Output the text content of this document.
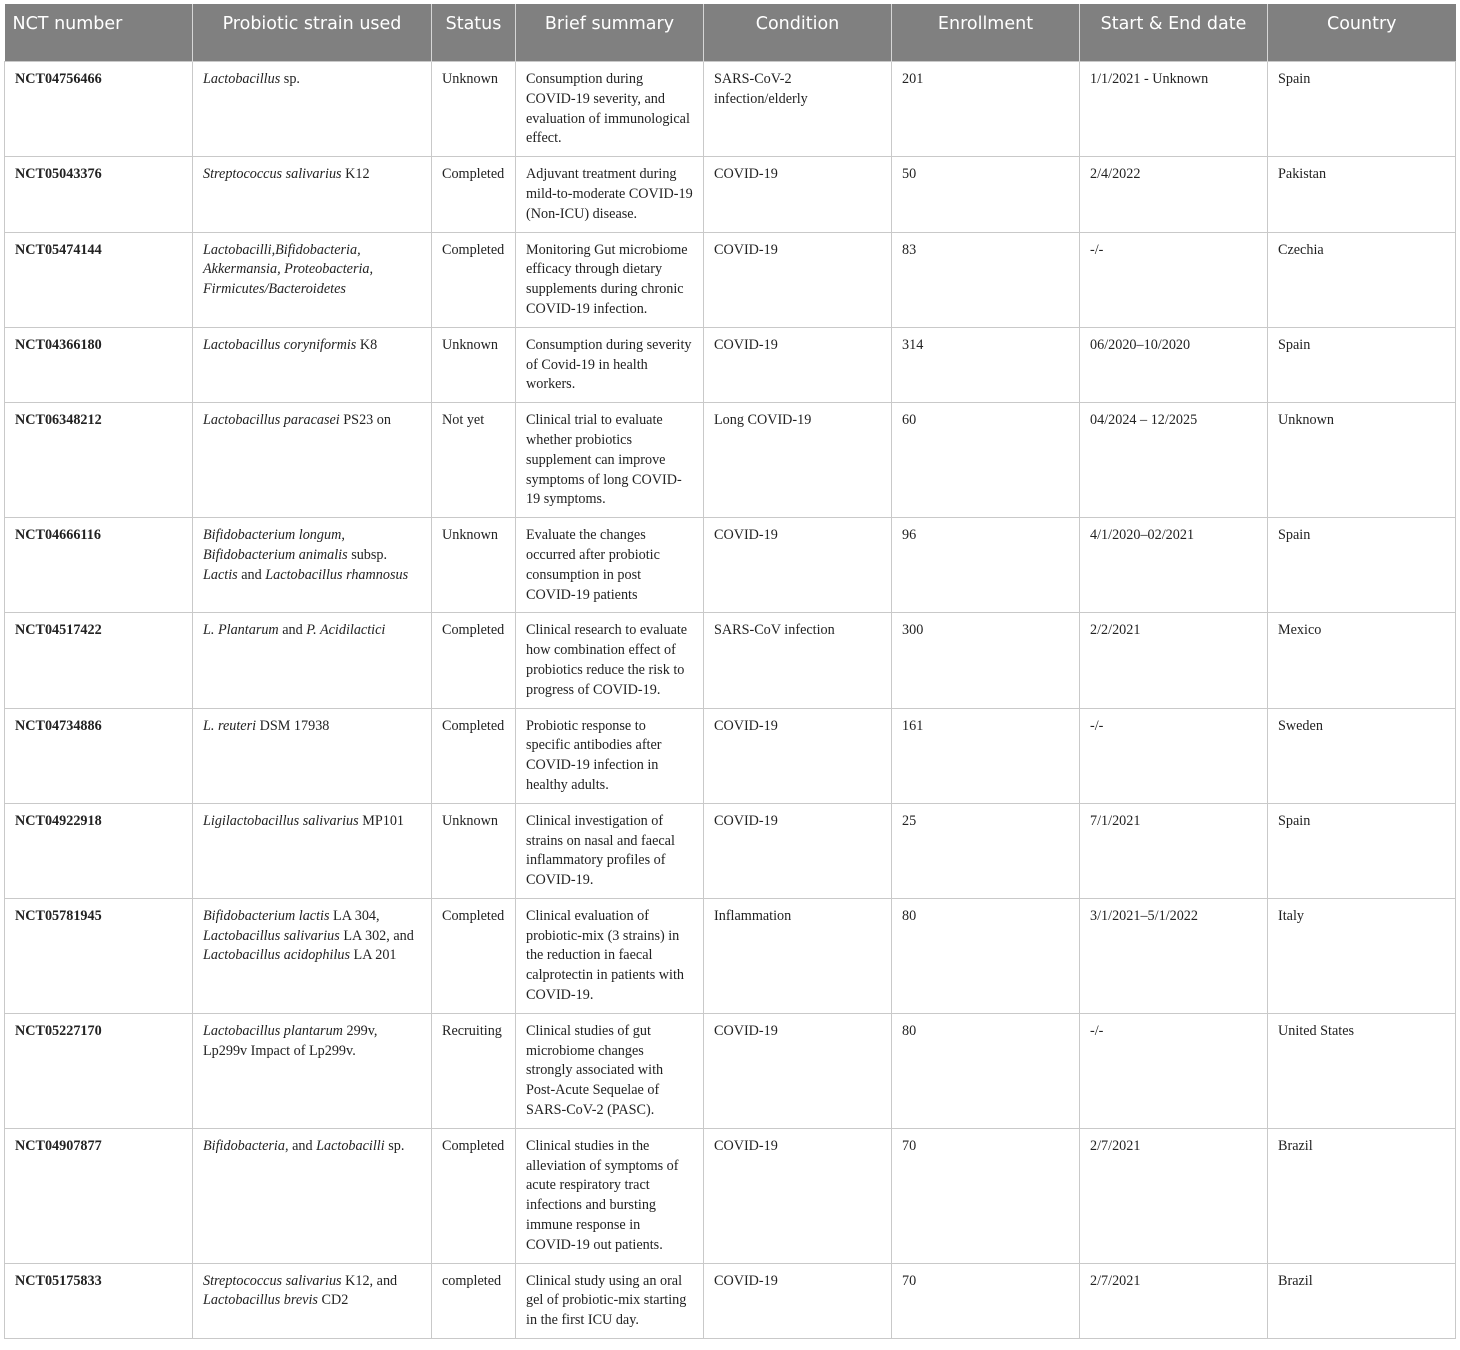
NCT number	Probiotic strain used	Status	Brief summary	Condition	Enrollment	Start & End date	Country
NCT04756466	Lactobacillus sp.	Unknown	Consumption during COVID-19 severity, and evaluation of immunological effect.	SARS-CoV-2 infection/elderly	201	1/1/2021 - Unknown	Spain
NCT05043376	Streptococcus salivarius K12	Completed	Adjuvant treatment during mild-to-moderate COVID-19 (Non-ICU) disease.	COVID-19	50	2/4/2022	Pakistan
NCT05474144	Lactobacilli,Bifidobacteria, Akkermansia, Proteobacteria, Firmicutes/Bacteroidetes	Completed	Monitoring Gut microbiome efficacy through dietary supplements during chronic COVID-19 infection.	COVID-19	83	-/-	Czechia
NCT04366180	Lactobacillus coryniformis K8	Unknown	Consumption during severity of Covid-19 in health workers.	COVID-19	314	06/2020–10/2020	Spain
NCT06348212	Lactobacillus paracasei PS23 on	Not yet	Clinical trial to evaluate whether probiotics supplement can improve symptoms of long COVID-19 symptoms.	Long COVID-19	60	04/2024 – 12/2025	Unknown
NCT04666116	Bifidobacterium longum, Bifidobacterium animalis subsp. Lactis and Lactobacillus rhamnosus	Unknown	Evaluate the changes occurred after probiotic consumption in post COVID-19 patients	COVID-19	96	4/1/2020–02/2021	Spain
NCT04517422	L. Plantarum and P. Acidilactici	Completed	Clinical research to evaluate how combination effect of probiotics reduce the risk to progress of COVID-19.	SARS-CoV infection	300	2/2/2021	Mexico
NCT04734886	L. reuteri DSM 17938	Completed	Probiotic response to specific antibodies after COVID-19 infection in healthy adults.	COVID-19	161	-/-	Sweden
NCT04922918	Ligilactobacillus salivarius MP101	Unknown	Clinical investigation of strains on nasal and faecal inflammatory profiles of COVID-19.	COVID-19	25	7/1/2021	Spain
NCT05781945	Bifidobacterium lactis LA 304, Lactobacillus salivarius LA 302, and Lactobacillus acidophilus LA 201	Completed	Clinical evaluation of probiotic-mix (3 strains) in the reduction in faecal calprotectin in patients with COVID-19.	Inflammation	80	3/1/2021–5/1/2022	Italy
NCT05227170	Lactobacillus plantarum 299v, Lp299v Impact of Lp299v.	Recruiting	Clinical studies of gut microbiome changes strongly associated with Post-Acute Sequelae of SARS-CoV-2 (PASC).	COVID-19	80	-/-	United States
NCT04907877	Bifidobacteria, and Lactobacilli sp.	Completed	Clinical studies in the alleviation of symptoms of acute respiratory tract infections and bursting immune response in COVID-19 out patients.	COVID-19	70	2/7/2021	Brazil
NCT05175833	Streptococcus salivarius K12, and Lactobacillus brevis CD2	completed	Clinical study using an oral gel of probiotic-mix starting in the first ICU day.	COVID-19	70	2/7/2021	Brazil
